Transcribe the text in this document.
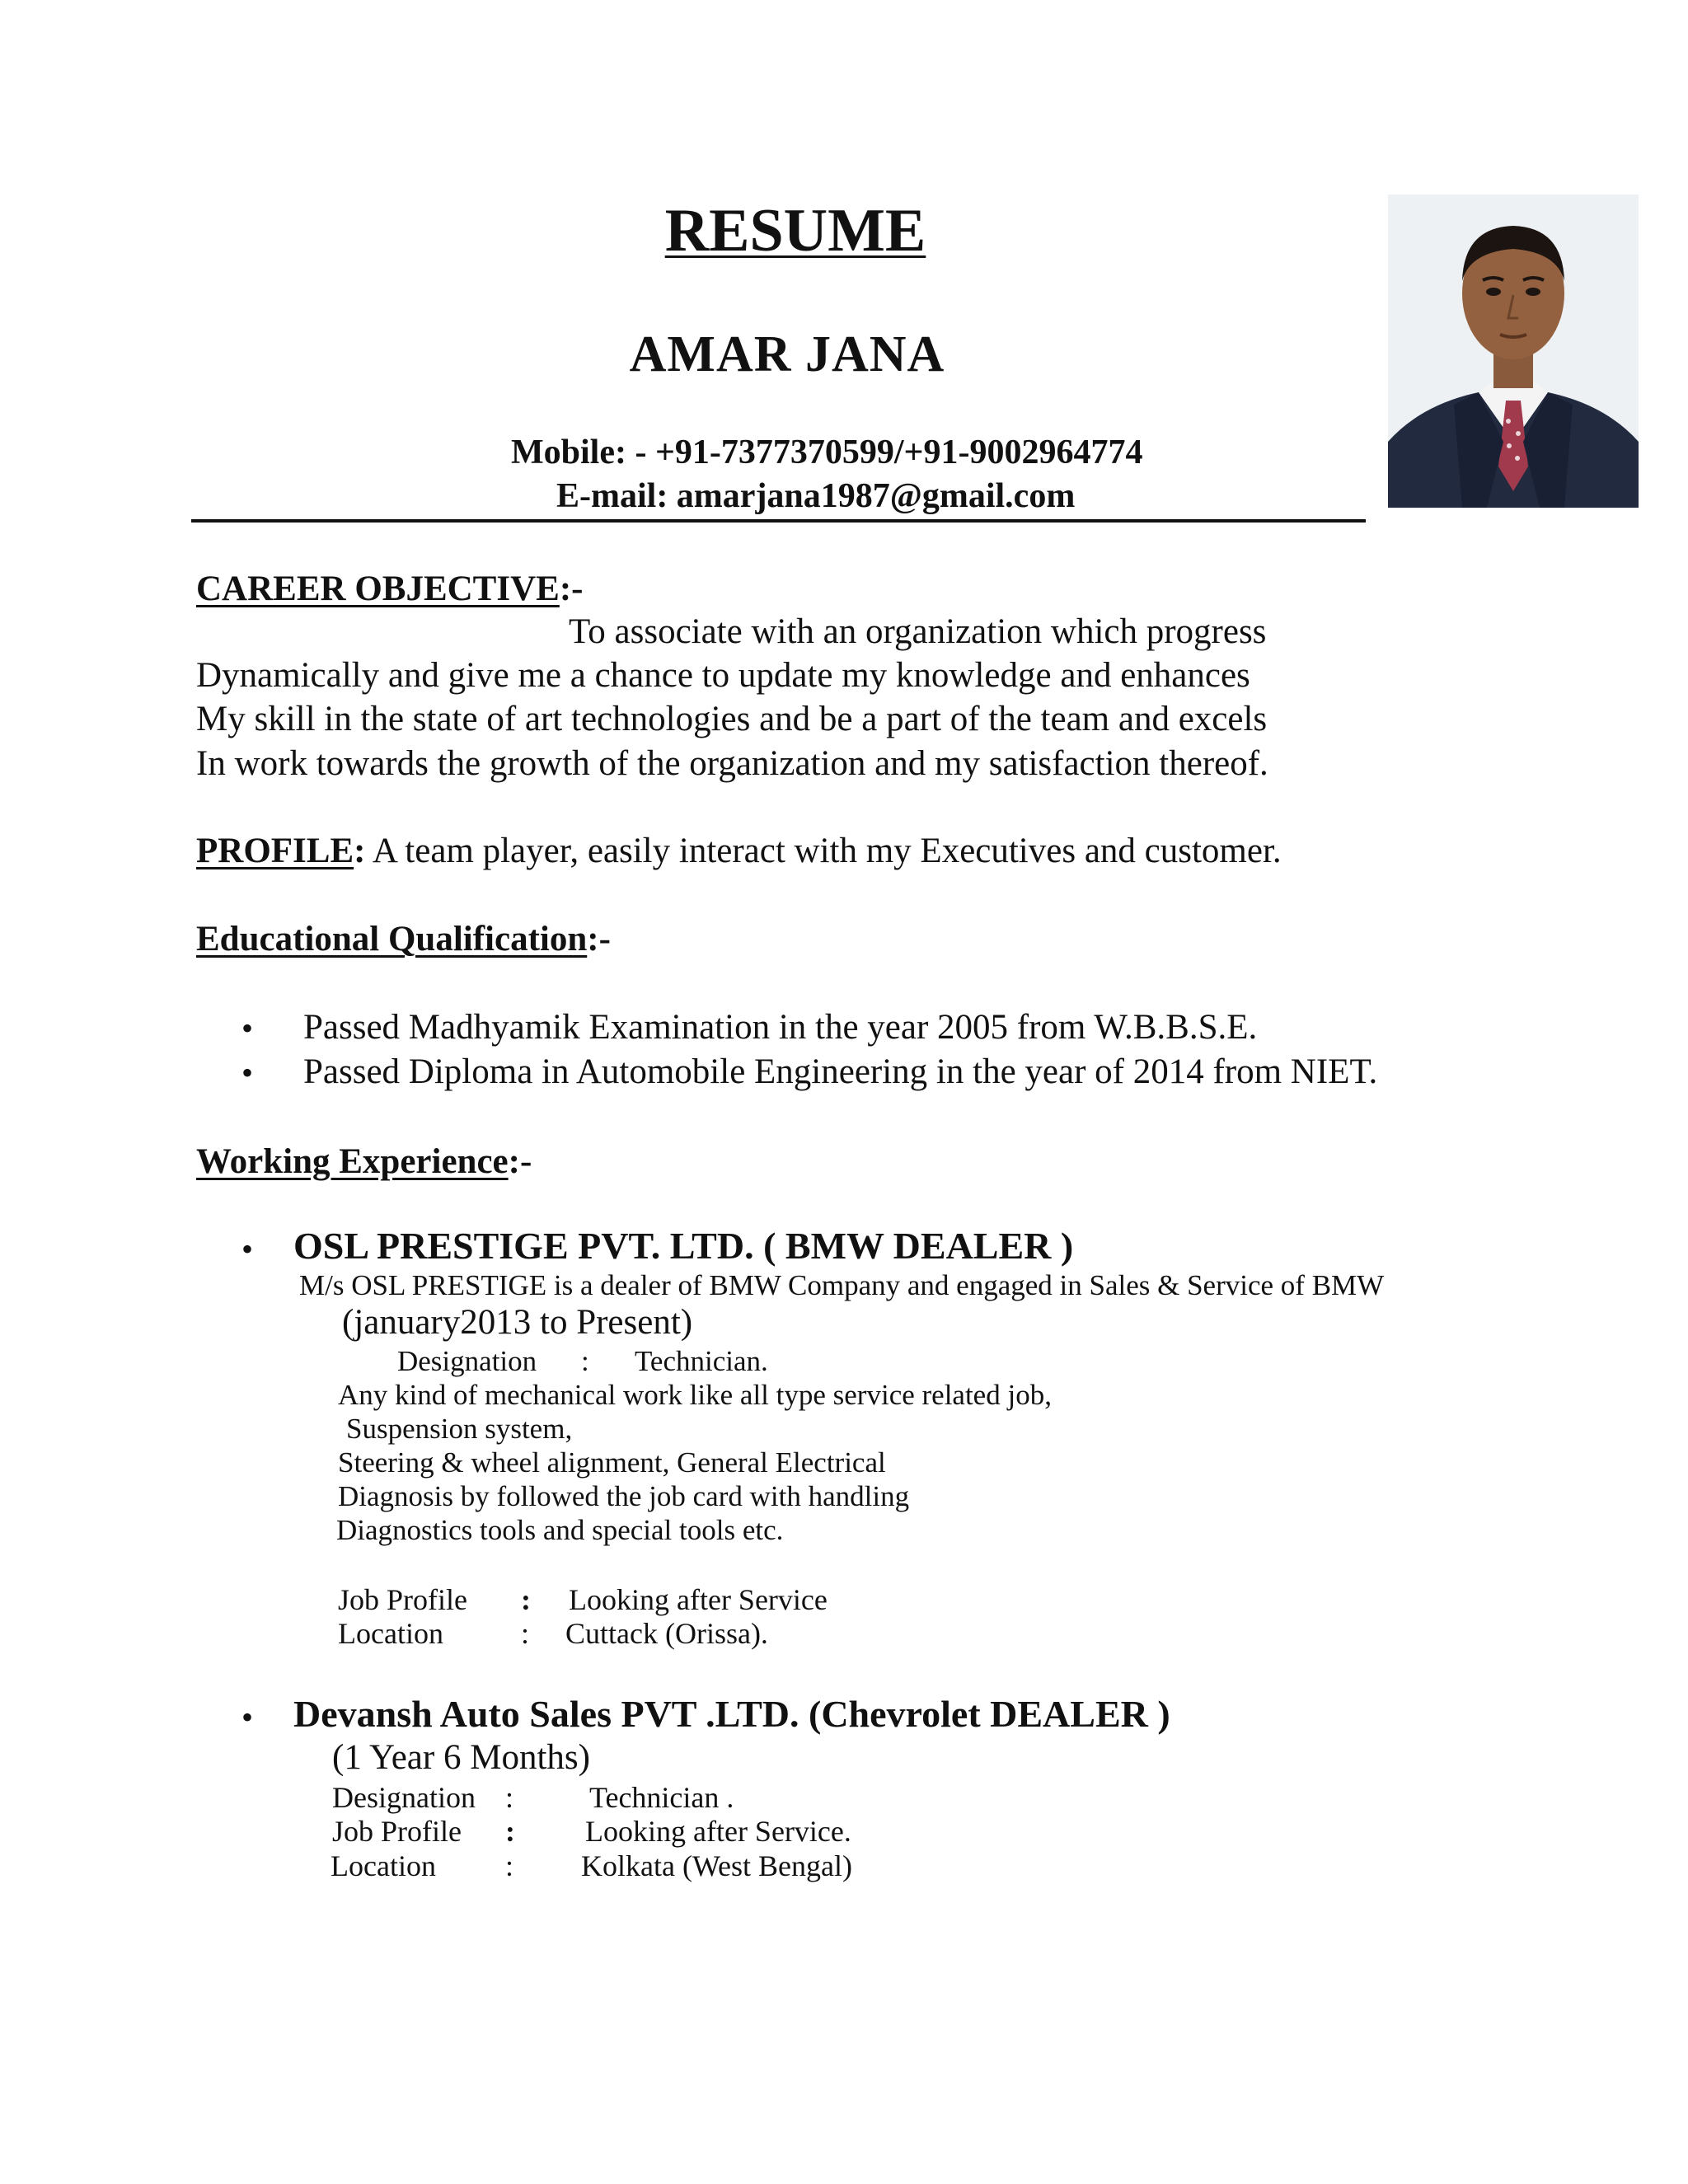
RESUME
AMAR JANA
Mobile: - +91-7377370599/+91-9002964774
E-mail: amarjana1987@gmail.com
CAREER OBJECTIVE:-
To associate with an organization which progress
Dynamically and give me a chance to update my knowledge and enhances
My skill in the state of art technologies and be a part of the team and excels
In work towards the growth of the organization and my satisfaction thereof.
PROFILE: A team player, easily interact with my Executives and customer.
Educational Qualification:-
• Passed Madhyamik Examination in the year 2005 from W.B.B.S.E.
• Passed Diploma in Automobile Engineering in the year of 2014 from NIET.
Working Experience:-
• OSL PRESTIGE PVT. LTD. ( BMW DEALER )
M/s OSL PRESTIGE is a dealer of BMW Company and engaged in Sales & Service of BMW
(january2013 to Present)
Designation : Technician.
Any kind of mechanical work like all type service related job,
Suspension system,
Steering & wheel alignment, General Electrical
Diagnosis by followed the job card with handling
Diagnostics tools and special tools etc.
Job Profile : Looking after Service
Location	: Cuttack (Orissa).
• Devansh Auto Sales PVT .LTD. (Chevrolet DEALER )
(1 Year 6 Months)
Designation :	Technician .
Job Profile : Looking after Service.
Location : Kolkata (West Bengal)
